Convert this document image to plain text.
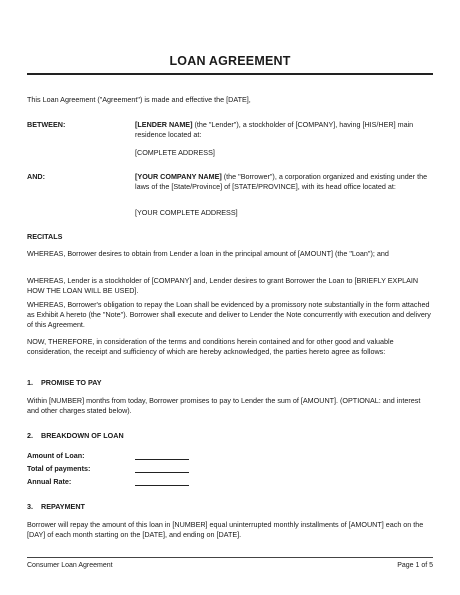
LOAN AGREEMENT

This Loan Agreement ("Agreement") is made and effective the [DATE],

BETWEEN:	[LENDER NAME] (the "Lender"), a stockholder of [COMPANY], having [HIS/HER] main residence located at:
[COMPLETE ADDRESS]
AND:	[YOUR COMPANY NAME] (the "Borrower"), a corporation organized and existing under the laws of the [State/Province] of [STATE/PROVINCE], with its head office located at:
[YOUR COMPLETE ADDRESS]
RECITALS

WHEREAS, Borrower desires to obtain from Lender a loan in the principal amount of [AMOUNT] (the "Loan"); and

WHEREAS, Lender is a stockholder of [COMPANY] and, Lender desires to grant Borrower the Loan to [BRIEFLY EXPLAIN HOW THE LOAN WILL BE USED].

WHEREAS, Borrower's obligation to repay the Loan shall be evidenced by a promissory note substantially in the form attached as Exhibit A hereto (the "Note"). Borrower shall execute and deliver to Lender the Note concurrently with execution and delivery of this Agreement.

NOW, THEREFORE, in consideration of the terms and conditions herein contained and for other good and valuable consideration, the receipt and sufficiency of which are hereby acknowledged, the parties hereto agree as follows:

1. PROMISE TO PAY

Within [NUMBER] months from today, Borrower promises to pay to Lender the sum of [AMOUNT]. (OPTIONAL: and interest and other charges stated below).

2. BREAKDOWN OF LOAN
Amount of Loan:
Total of payments:
Annual Rate:
3. REPAYMENT

Borrower will repay the amount of this loan in [NUMBER] equal uninterrupted monthly installments of [AMOUNT] each on the [DAY] of each month starting on the [DATE], and ending on [DATE].

Consumer Loan Agreement	Page 1 of 5
